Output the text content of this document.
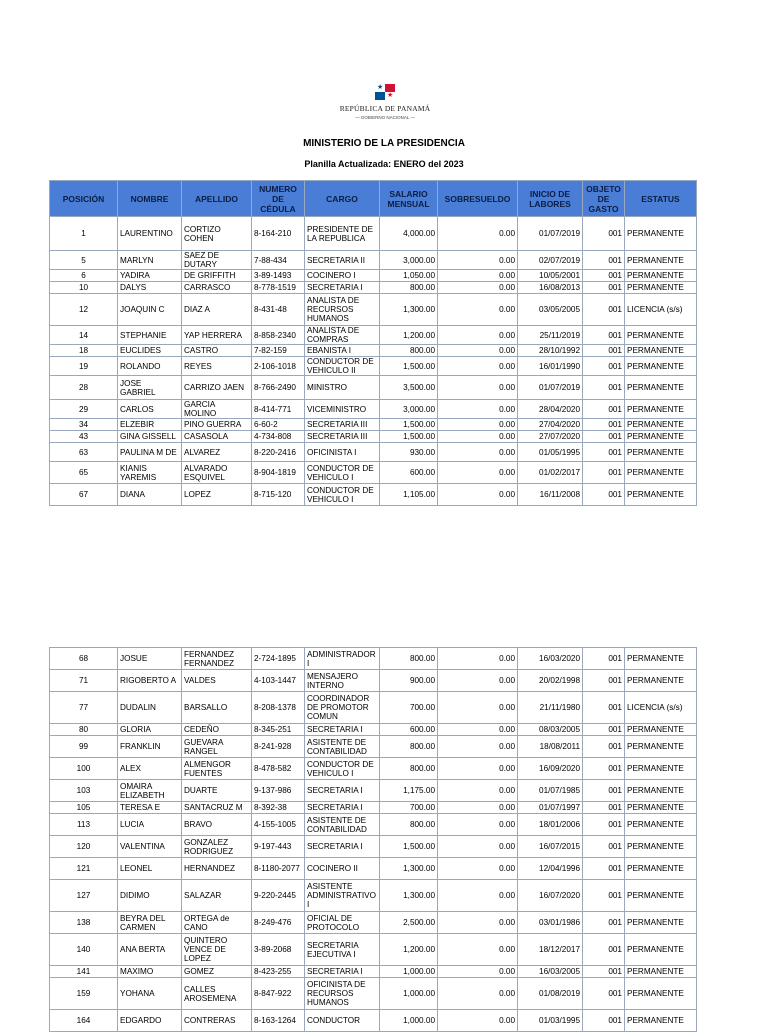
★
★
REPÚBLICA DE PANAMÁ
— GOBIERNO NACIONAL —
MINISTERIO DE LA PRESIDENCIA
Planilla Actualizada: ENERO del 2023
POSICIÓN	NOMBRE	APELLIDO	NUMERO DE CÉDULA	CARGO	SALARIO MENSUAL	SOBRESUELDO	INICIO DE LABORES	OBJETO DE GASTO	ESTATUS
1	LAURENTINO	CORTIZO COHEN	8-164-210	PRESIDENTE DE LA REPUBLICA	4,000.00	0.00	01/07/2019	001	PERMANENTE
5	MARLYN	SAEZ DE DUTARY	7-88-434	SECRETARIA II	3,000.00	0.00	02/07/2019	001	PERMANENTE
6	YADIRA	DE GRIFFITH	3-89-1493	COCINERO I	1,050.00	0.00	10/05/2001	001	PERMANENTE
10	DALYS	CARRASCO	8-778-1519	SECRETARIA I	800.00	0.00	16/08/2013	001	PERMANENTE
12	JOAQUIN C	DIAZ A	8-431-48	ANALISTA DE RECURSOS HUMANOS	1,300.00	0.00	03/05/2005	001	LICENCIA (s/s)
14	STEPHANIE	YAP HERRERA	8-858-2340	ANALISTA DE COMPRAS	1,200.00	0.00	25/11/2019	001	PERMANENTE
18	EUCLIDES	CASTRO	7-82-159	EBANISTA I	800.00	0.00	28/10/1992	001	PERMANENTE
19	ROLANDO	REYES	2-106-1018	CONDUCTOR DE VEHICULO II	1,500.00	0.00	16/01/1990	001	PERMANENTE
28	JOSE GABRIEL	CARRIZO JAEN	8-766-2490	MINISTRO	3,500.00	0.00	01/07/2019	001	PERMANENTE
29	CARLOS	GARCIA MOLINO	8-414-771	VICEMINISTRO	3,000.00	0.00	28/04/2020	001	PERMANENTE
34	ELZEBIR	PINO GUERRA	6-60-2	SECRETARIA III	1,500.00	0.00	27/04/2020	001	PERMANENTE
43	GINA GISSELL	CASASOLA	4-734-808	SECRETARIA III	1,500.00	0.00	27/07/2020	001	PERMANENTE
63	PAULINA M DE	ALVAREZ	8-220-2416	OFICINISTA I	930.00	0.00	01/05/1995	001	PERMANENTE
65	KIANIS YAREMIS	ALVARADO ESQUIVEL	8-904-1819	CONDUCTOR DE VEHICULO I	600.00	0.00	01/02/2017	001	PERMANENTE
67	DIANA	LOPEZ	8-715-120	CONDUCTOR DE VEHICULO I	1,105.00	0.00	16/11/2008	001	PERMANENTE
68	JOSUE	FERNANDEZ FERNANDEZ	2-724-1895	ADMINISTRADOR I	800.00	0.00	16/03/2020	001	PERMANENTE
71	RIGOBERTO A	VALDES	4-103-1447	MENSAJERO INTERNO	900.00	0.00	20/02/1998	001	PERMANENTE
77	DUDALIN	BARSALLO	8-208-1378	COORDINADOR DE PROMOTOR COMUN	700.00	0.00	21/11/1980	001	LICENCIA (s/s)
80	GLORIA	CEDEÑO	8-345-251	SECRETARIA I	600.00	0.00	08/03/2005	001	PERMANENTE
99	FRANKLIN	GUEVARA RANGEL	8-241-928	ASISTENTE DE CONTABILIDAD	800.00	0.00	18/08/2011	001	PERMANENTE
100	ALEX	ALMENGOR FUENTES	8-478-582	CONDUCTOR DE VEHICULO I	800.00	0.00	16/09/2020	001	PERMANENTE
103	OMAIRA ELIZABETH	DUARTE	9-137-986	SECRETARIA I	1,175.00	0.00	01/07/1985	001	PERMANENTE
105	TERESA E	SANTACRUZ M	8-392-38	SECRETARIA I	700.00	0.00	01/07/1997	001	PERMANENTE
113	LUCIA	BRAVO	4-155-1005	ASISTENTE DE CONTABILIDAD	800.00	0.00	18/01/2006	001	PERMANENTE
120	VALENTINA	GONZALEZ RODRIGUEZ	9-197-443	SECRETARIA I	1,500.00	0.00	16/07/2015	001	PERMANENTE
121	LEONEL	HERNANDEZ	8-1180-2077	COCINERO II	1,300.00	0.00	12/04/1996	001	PERMANENTE
127	DIDIMO	SALAZAR	9-220-2445	ASISTENTE ADMINISTRATIVO I	1,300.00	0.00	16/07/2020	001	PERMANENTE
138	BEYRA DEL CARMEN	ORTEGA de CANO	8-249-476	OFICIAL DE PROTOCOLO	2,500.00	0.00	03/01/1986	001	PERMANENTE
140	ANA BERTA	QUINTERO VENCE DE LOPEZ	3-89-2068	SECRETARIA EJECUTIVA I	1,200.00	0.00	18/12/2017	001	PERMANENTE
141	MAXIMO	GOMEZ	8-423-255	SECRETARIA I	1,000.00	0.00	16/03/2005	001	PERMANENTE
159	YOHANA	CALLES AROSEMENA	8-847-922	OFICINISTA DE RECURSOS HUMANOS	1,000.00	0.00	01/08/2019	001	PERMANENTE
164	EDGARDO	CONTRERAS	8-163-1264	CONDUCTOR	1,000.00	0.00	01/03/1995	001	PERMANENTE
